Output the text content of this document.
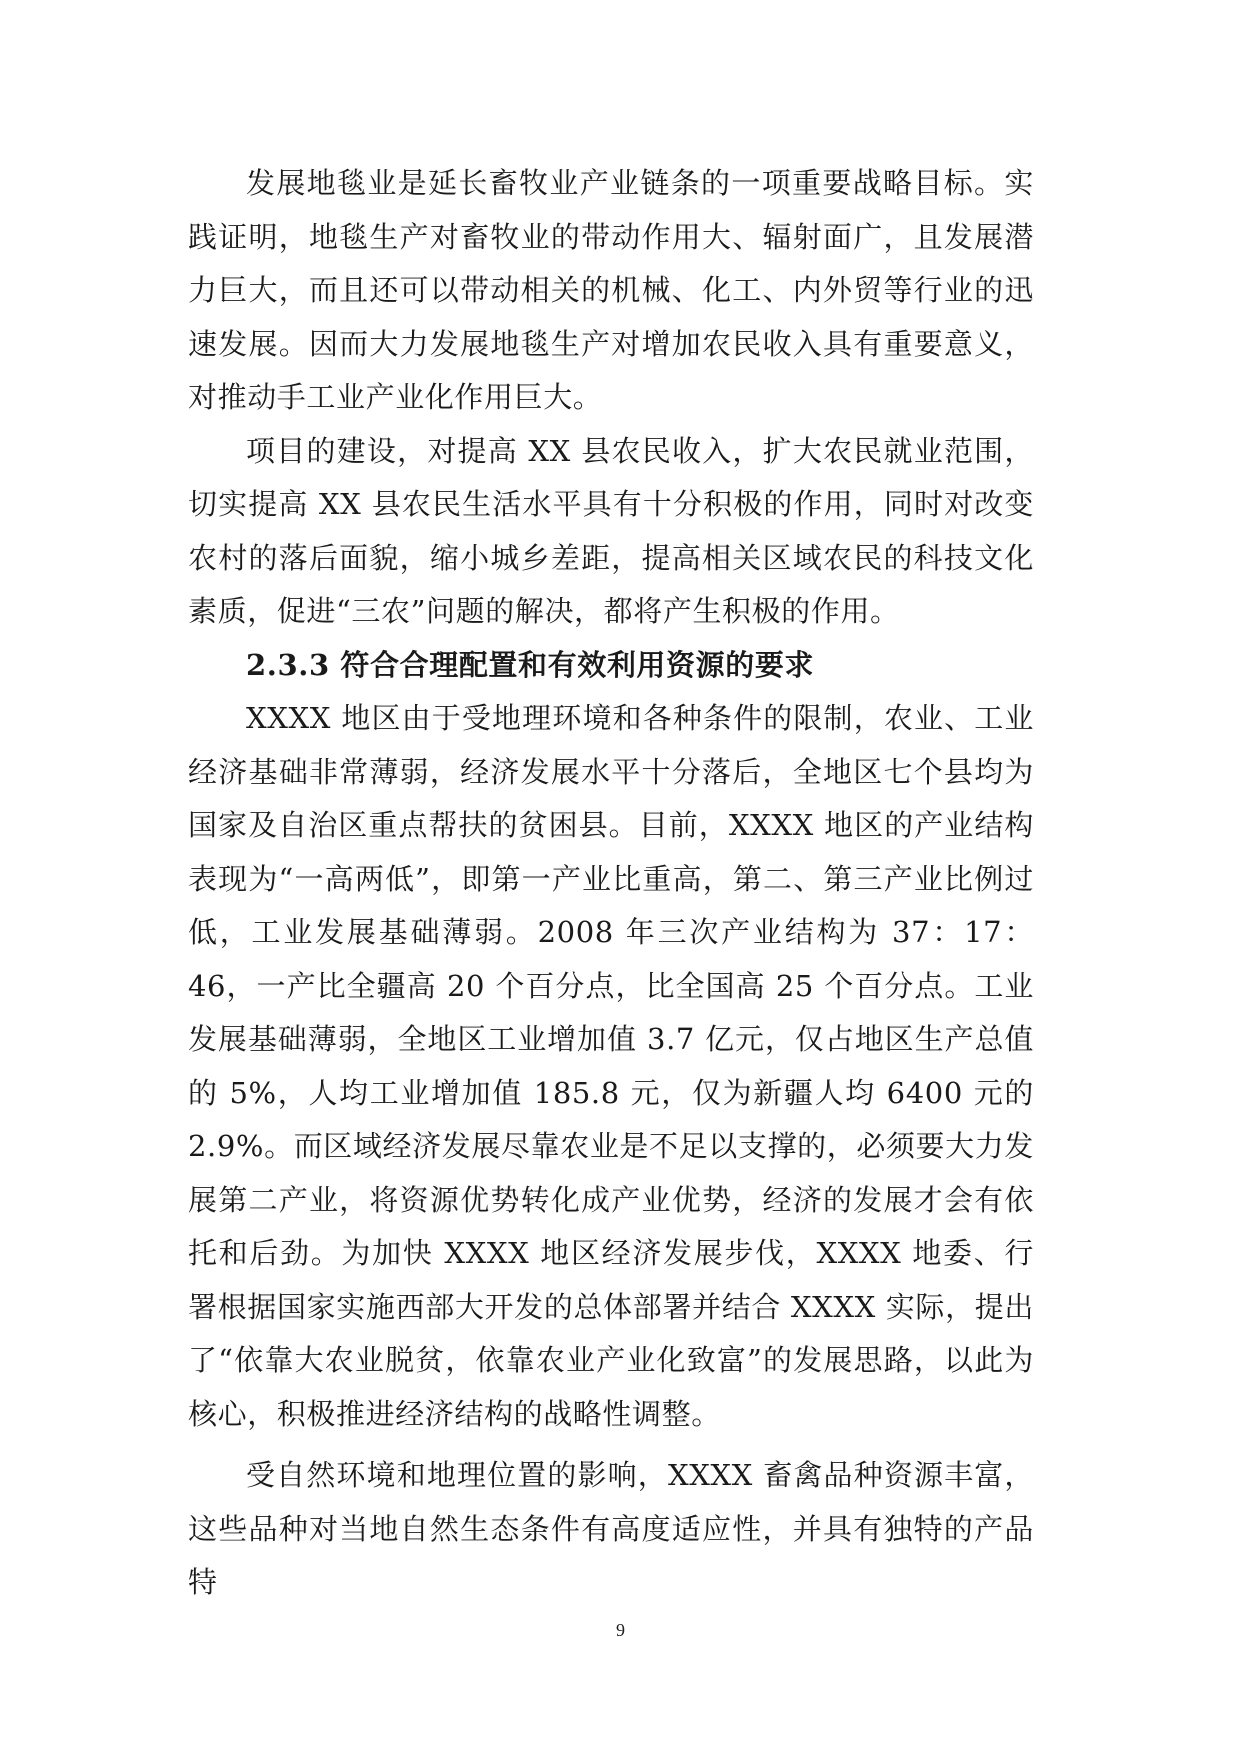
发展地毯业是延长畜牧业产业链条的一项重要战略目标。实践证明，地毯生产对畜牧业的带动作用大、辐射面广，且发展潜力巨大，而且还可以带动相关的机械、化工、内外贸等行业的迅速发展。因而大力发展地毯生产对增加农民收入具有重要意义，对推动手工业产业化作用巨大。

项目的建设，对提高 XX 县农民收入，扩大农民就业范围，切实提高 XX 县农民生活水平具有十分积极的作用，同时对改变农村的落后面貌，缩小城乡差距，提高相关区域农民的科技文化素质，促进“三农”问题的解决，都将产生积极的作用。

2.3.3 符合合理配置和有效利用资源的要求

XXXX 地区由于受地理环境和各种条件的限制，农业、工业经济基础非常薄弱，经济发展水平十分落后，全地区七个县均为国家及自治区重点帮扶的贫困县。目前，XXXX 地区的产业结构表现为“一高两低”，即第一产业比重高，第二、第三产业比例过低，工业发展基础薄弱。2008 年三次产业结构为 37：17：46，一产比全疆高 20 个百分点，比全国高 25 个百分点。工业发展基础薄弱，全地区工业增加值 3.7 亿元，仅占地区生产总值的 5%，人均工业增加值 185.8 元，仅为新疆人均 6400 元的 2.9%。而区域经济发展尽靠农业是不足以支撑的，必须要大力发展第二产业，将资源优势转化成产业优势，经济的发展才会有依托和后劲。为加快 XXXX 地区经济发展步伐，XXXX 地委、行署根据国家实施西部大开发的总体部署并结合 XXXX 实际，提出了“依靠大农业脱贫，依靠农业产业化致富”的发展思路，以此为核心，积极推进经济结构的战略性调整。

受自然环境和地理位置的影响，XXXX 畜禽品种资源丰富，这些品种对当地自然生态条件有高度适应性，并具有独特的产品特

9
